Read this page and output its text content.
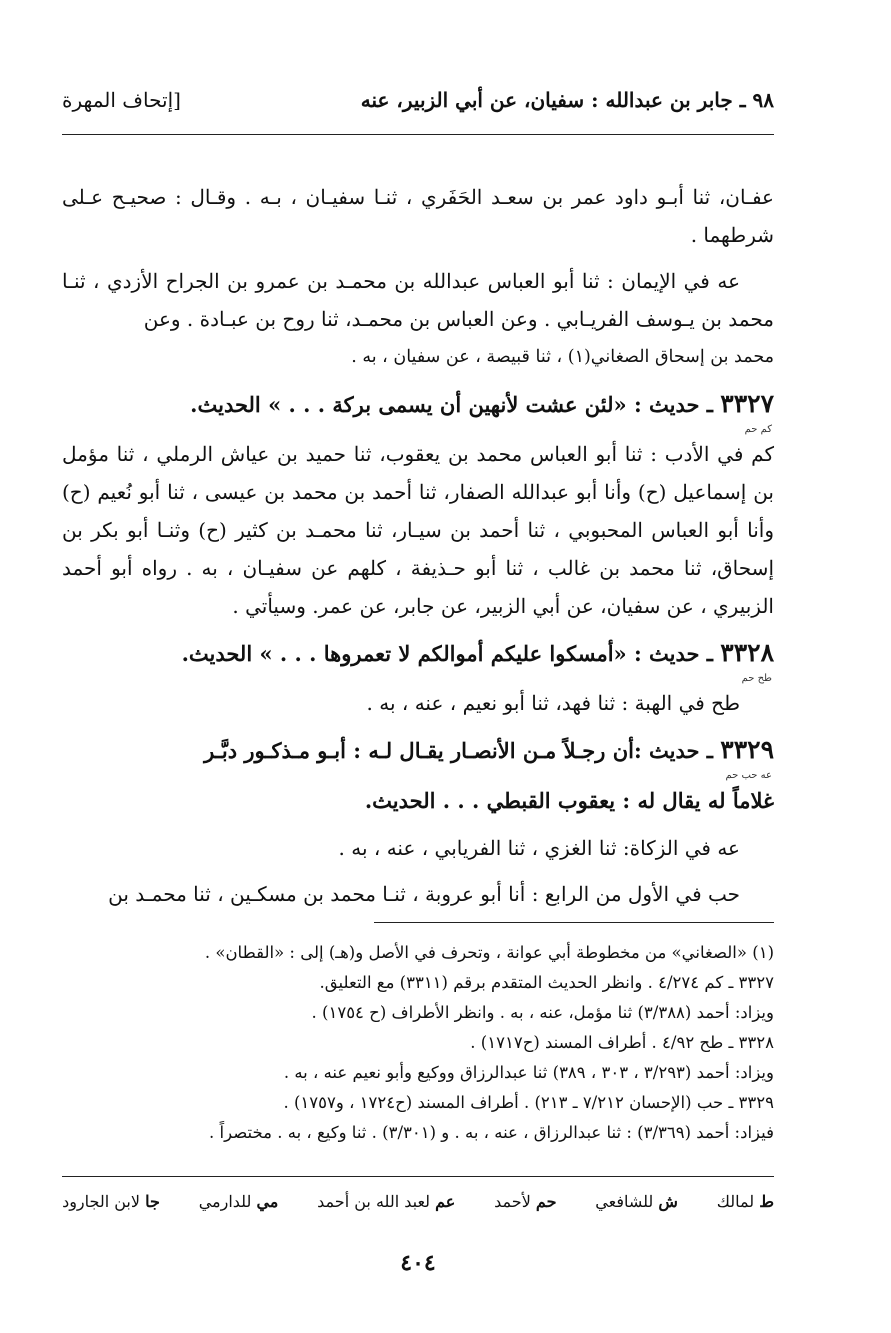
٩٨ ـ جابر بن عبدالله : سفيان، عن أبي الزبير، عنه
[إتحاف المهرة

عفـان، ثنا أبـو داود عمر بن سعـد الحَفَري ، ثنـا سفيـان ، بـه . وقـال : صحيـح عـلى شرطهما .

عه في الإيمان : ثنا أبو العباس عبدالله بن محمـد بن عمرو بن الجراح الأزدي ، ثنـا محمد بن يـوسف الفريـابي . وعن العباس بن محمـد، ثنا روح بن عبـادة . وعن

محمد بن إسحاق الصغاني(١) ، ثنا قبيصة ، عن سفيان ، به .

٣٣٢٧ ـ حديث : «لئن عشت لأنهين أن يسمى بركة . . . » الحديث.

كم حم

كم في الأدب : ثنا أبو العباس محمد بن يعقوب، ثنا حميد بن عياش الرملي ، ثنا مؤمل بن إسماعيل (ح) وأنا أبو عبدالله الصفار، ثنا أحمد بن محمد بن عيسى ، ثنا أبو نُعيم (ح) وأنا أبو العباس المحبوبي ، ثنا أحمد بن سيـار، ثنا محمـد بن كثير (ح) وثنـا أبو بكر بن إسحاق، ثنا محمد بن غالب ، ثنا أبو حـذيفة ، كلهم عن سفيـان ، به . رواه أبو أحمد الزبيري ، عن سفيان، عن أبي الزبير، عن جابر، عن عمر. وسيأتي .

٣٣٢٨ ـ حديث : «أمسكوا عليكم أموالكم لا تعمروها . . . » الحديث.

طح حم

طح في الهبة : ثنا فهد، ثنا أبو نعيم ، عنه ، به .

٣٣٢٩ ـ حديث :أن رجـلاً مـن الأنصـار يقـال لـه : أبـو مـذكـور دبَّـر

عه حب حم

غلاماً له يقال له : يعقوب القبطي . . . الحديث.

عه في الزكاة: ثنا الغزي ، ثنا الفريابي ، عنه ، به .

حب في الأول من الرابع : أنا أبو عروبة ، ثنـا محمد بن مسكـين ، ثنا محمـد بن

(١) «الصغاني» من مخطوطة أبي عوانة ، وتحرف في الأصل و(هـ) إلى : «القطان» .

٣٣٢٧ ـ كم ٤/٢٧٤ . وانظر الحديث المتقدم برقم (٣٣١١) مع التعليق.

ويزاد: أحمد (٣/٣٨٨) ثنا مؤمل، عنه ، به . وانظر الأطراف (ح ١٧٥٤) .

٣٣٢٨ ـ طح ٤/٩٢ . أطراف المسند (ح١٧١٧) .

ويزاد: أحمد (٣/٢٩٣ ، ٣٠٣ ، ٣٨٩) ثنا عبدالرزاق ووكيع وأبو نعيم عنه ، به .

٣٣٢٩ ـ حب (الإحسان ٧/٢١٢ ـ ٢١٣) . أطراف المسند (ح١٧٢٤ ، و١٧٥٧) .

فيزاد: أحمد (٣/٣٦٩) : ثنا عبدالرزاق ، عنه ، به . و (٣/٣٠١) . ثنا وكيع ، به . مختصراً .

ط لمالك
ش للشافعي
حم لأحمد
عم لعبد الله بن أحمد
مي للدارمي
جا لابن الجارود
٤٠٤
